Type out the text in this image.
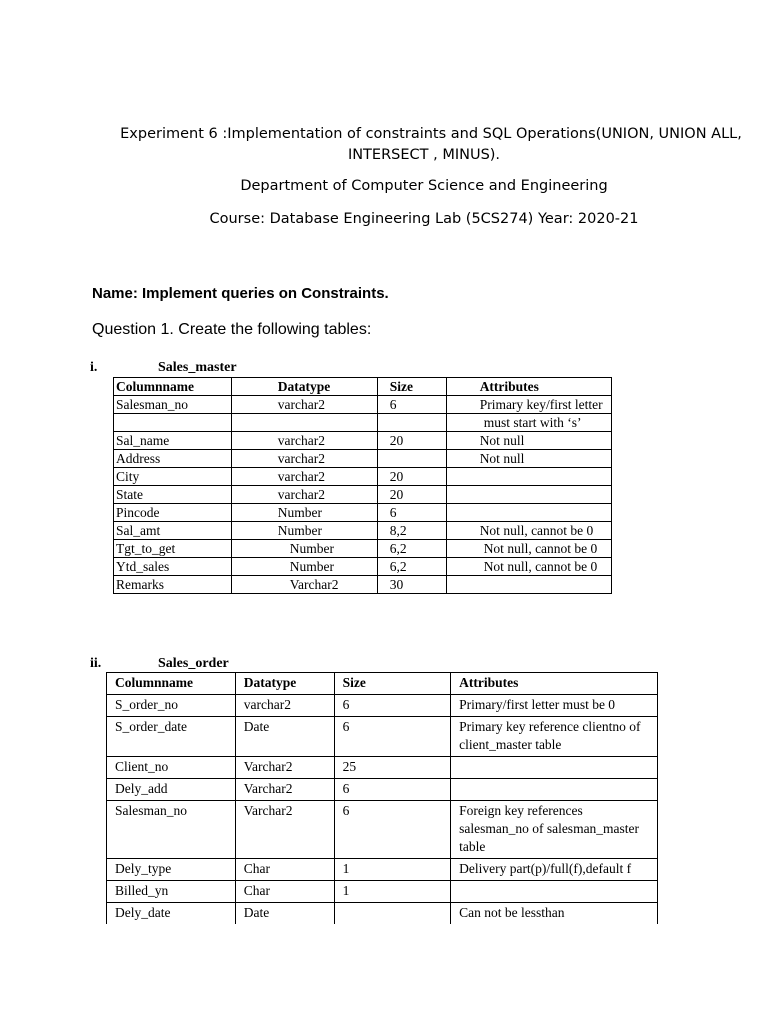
Experiment 6 :Implementation of constraints and SQL Operations(UNION, UNION ALL,
INTERSECT , MINUS).
Department of Computer Science and Engineering
Course: Database Engineering Lab (5CS274) Year: 2020-21
Name: Implement queries on Constraints.
Question 1. Create the following tables:
i.	Sales_master
Columnname	Datatype	Size	Attributes
Salesman_no	varchar2	6	Primary key/first letter
			must start with ‘s’
Sal_name	varchar2	20	Not null
Address	varchar2		Not null
City	varchar2	20	
State	varchar2	20	
Pincode	Number	6	
Sal_amt	Number	8,2	Not null, cannot be 0
Tgt_to_get	Number	6,2	Not null, cannot be 0
Ytd_sales	Number	6,2	Not null, cannot be 0
Remarks	Varchar2	30	
ii.	Sales_order
Columnname	Datatype	Size	Attributes
S_order_no	varchar2	6	Primary/first letter must be 0
S_order_date	Date	6	Primary key reference clientno of client_master table
Client_no	Varchar2	25	
Dely_add	Varchar2	6	
Salesman_no	Varchar2	6	Foreign key references salesman_no of salesman_master table
Dely_type	Char	1	Delivery part(p)/full(f),default f
Billed_yn	Char	1	
Dely_date	Date		Can not be lessthan
